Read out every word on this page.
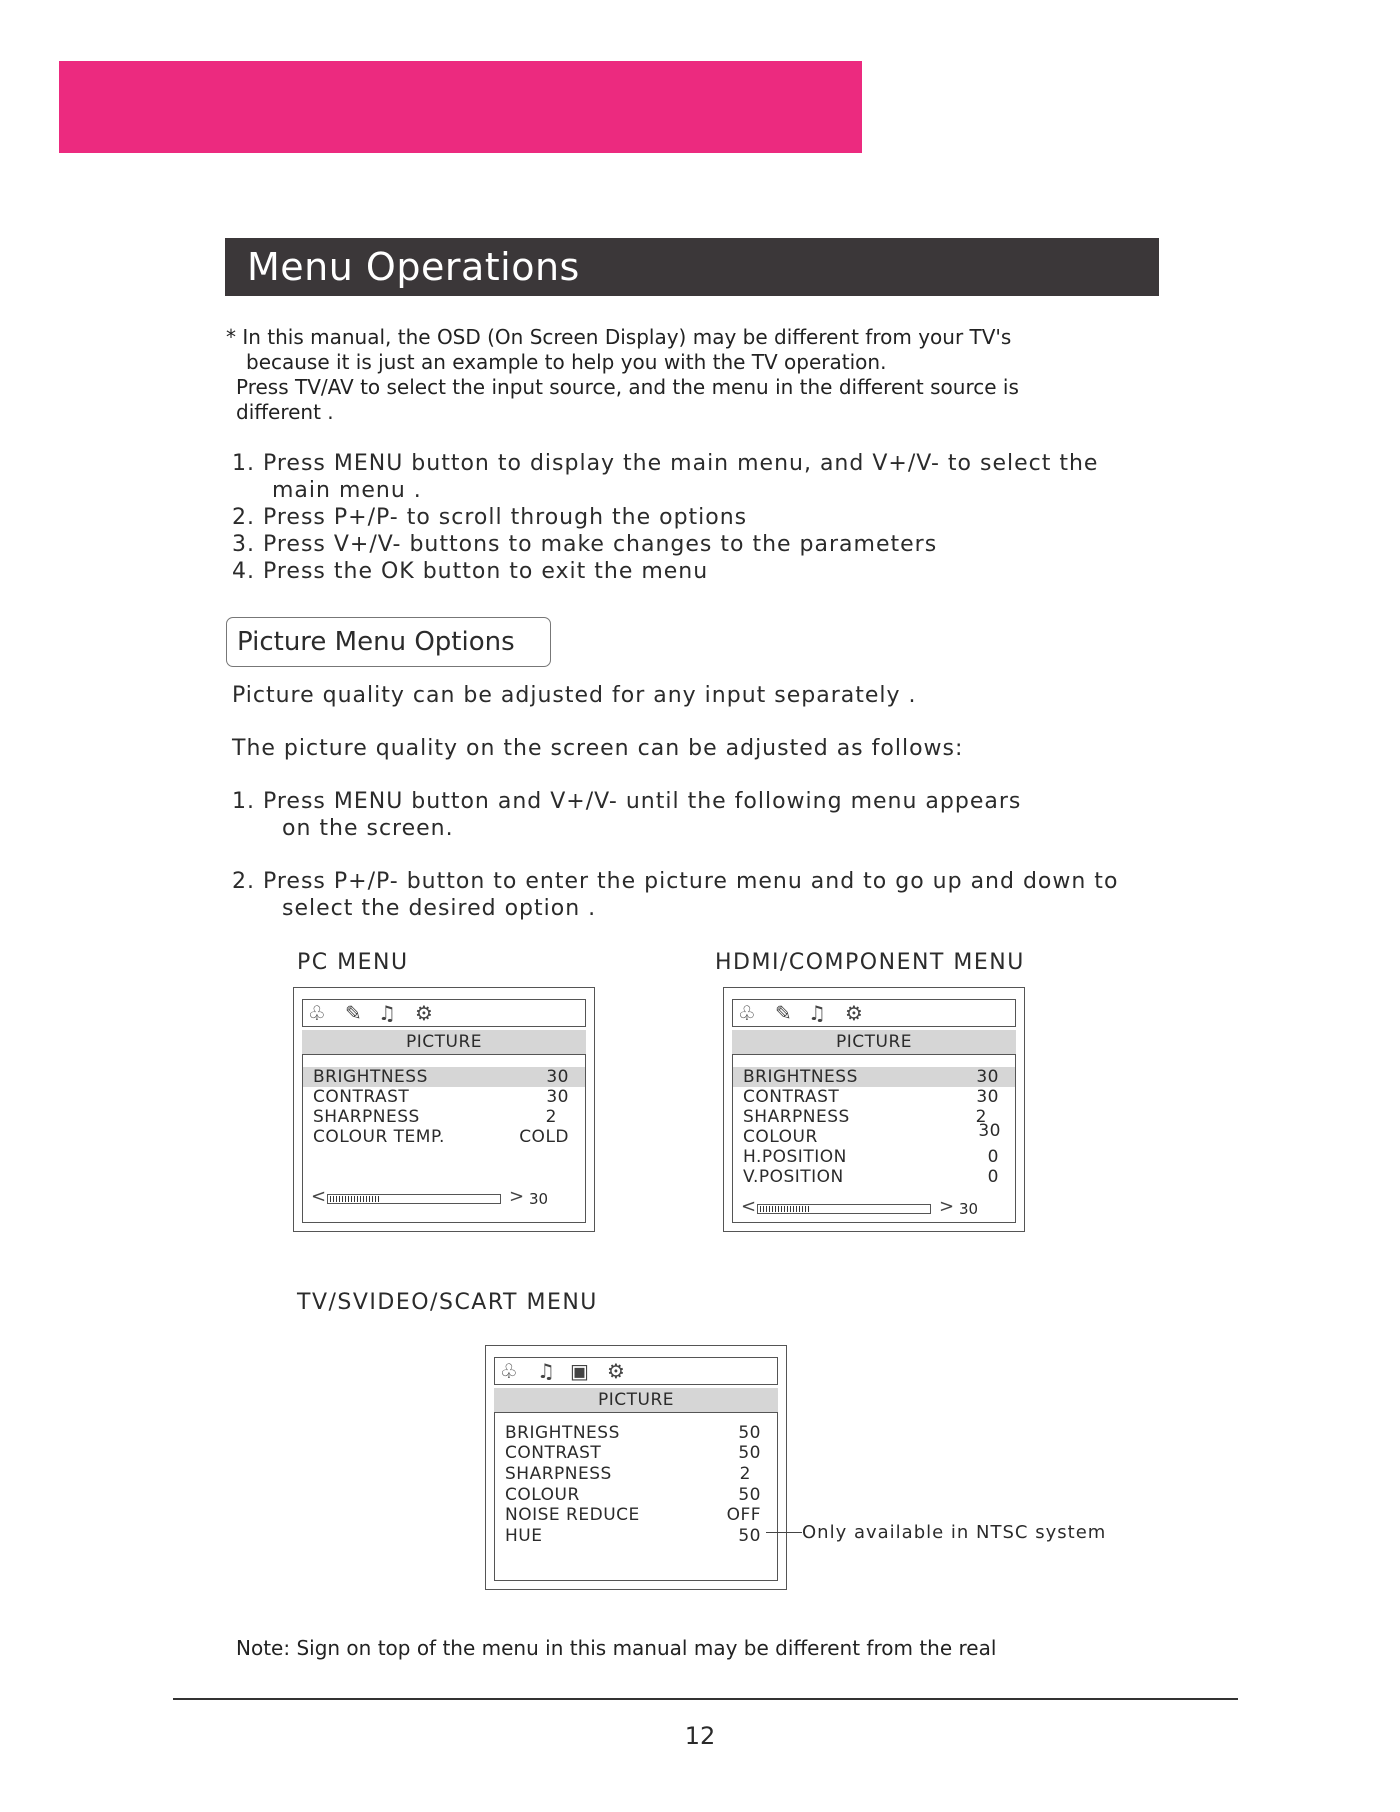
Menu Operations
* In this manual, the OSD (On Screen Display) may be different from your TV's
because it is just an example to help you with the TV operation.
Press TV/AV to select the input source, and the menu in the different source is
different .
1. Press MENU button to display the main menu, and V+/V- to select the
main menu .
2. Press P+/P- to scroll through the options
3. Press V+/V- buttons to make changes to the parameters
4. Press the OK button to exit the menu
Picture Menu Options
Picture quality can be adjusted for any input separately .
The picture quality on the screen can be adjusted as follows:
1. Press MENU button and V+/V- until the following menu appears
on the screen.
2. Press P+/P- button to enter the picture menu and to go up and down to
select the desired option .
PC MENU
♧ ✎ ♫ ⚙
PICTURE
BRIGHTNESS	30
CONTRAST	30
SHARPNESS	2
COLOUR TEMP.	COLD
<	> 30
HDMI/COMPONENT MENU
♧ ✎ ♫ ⚙
PICTURE
BRIGHTNESS	30
CONTRAST	30
SHARPNESS	2
COLOUR	30
H.POSITION	0
V.POSITION	0
<	> 30
TV/SVIDEO/SCART MENU
♧ ♫ ▣ ⚙
PICTURE
BRIGHTNESS	50
CONTRAST	50
SHARPNESS	2
COLOUR	50
NOISE REDUCE	OFF
HUE	50 Only available in NTSC system
Note: Sign on top of the menu in this manual may be different from the real
12
